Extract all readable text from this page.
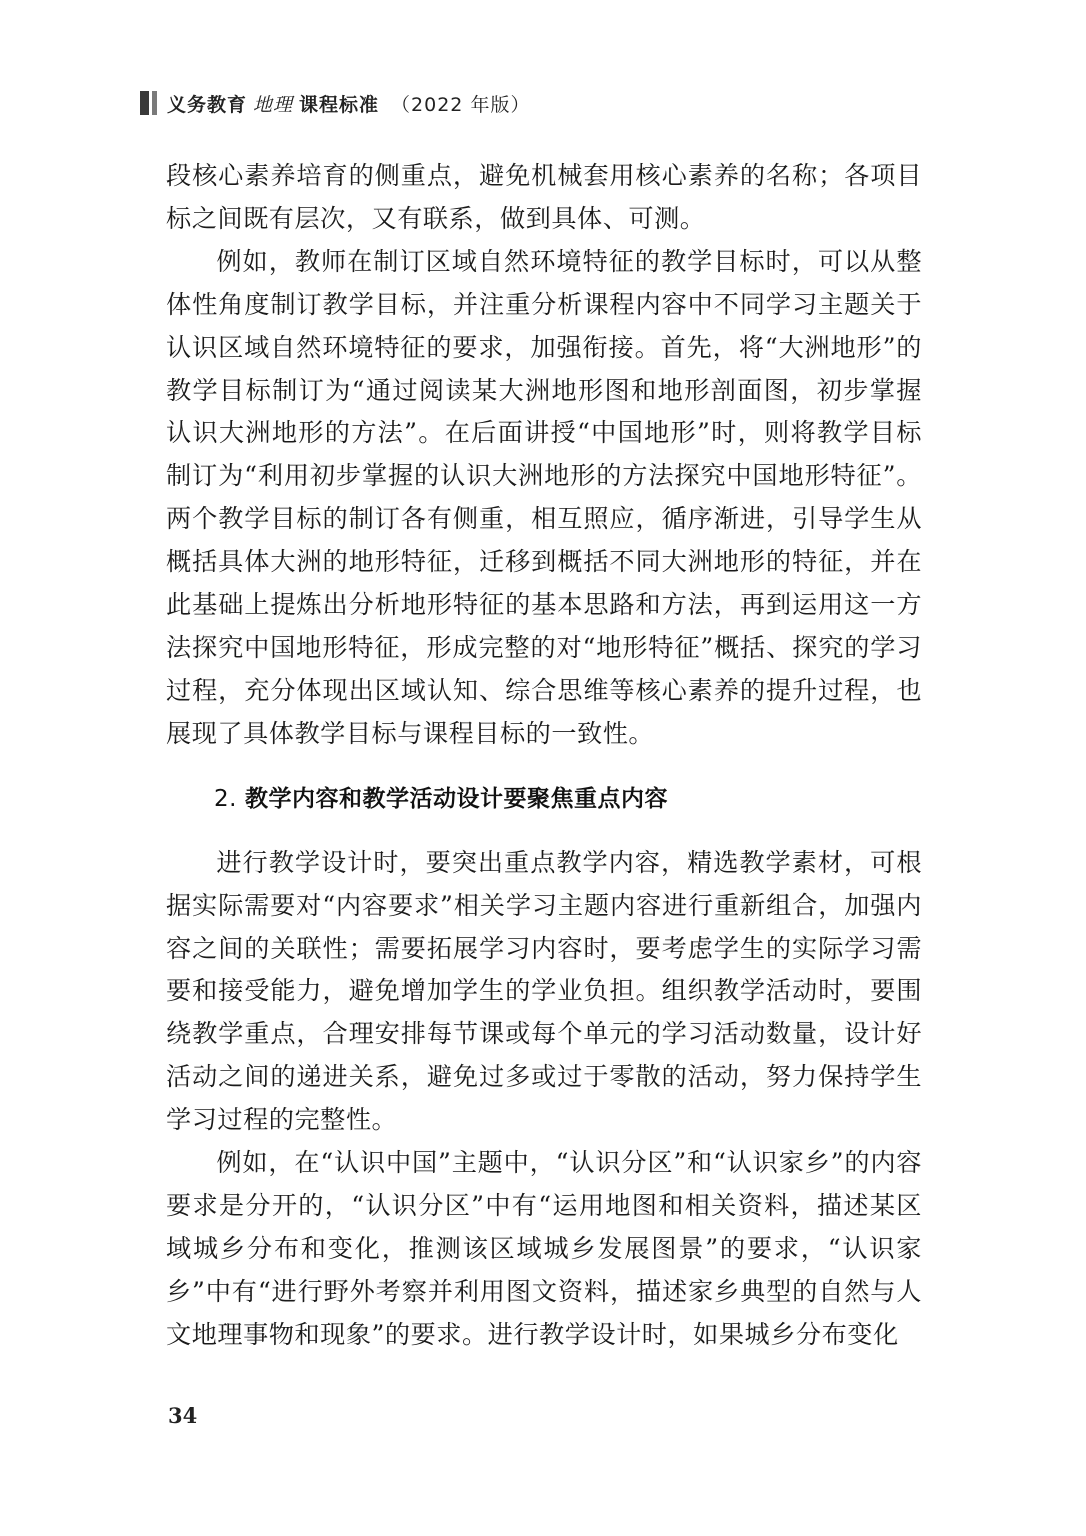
义务教育 地理 课程标准 （2022 年版）

段核心素养培育的侧重点，避免机械套用核心素养的名称；各项目标之间既有层次，又有联系，做到具体、可测。

例如，教师在制订区域自然环境特征的教学目标时，可以从整体性角度制订教学目标，并注重分析课程内容中不同学习主题关于认识区域自然环境特征的要求，加强衔接。首先，将“大洲地形”的教学目标制订为“通过阅读某大洲地形图和地形剖面图，初步掌握认识大洲地形的方法”。在后面讲授“中国地形”时，则将教学目标制订为“利用初步掌握的认识大洲地形的方法探究中国地形特征”。两个教学目标的制订各有侧重，相互照应，循序渐进，引导学生从概括具体大洲的地形特征，迁移到概括不同大洲地形的特征，并在此基础上提炼出分析地形特征的基本思路和方法，再到运用这一方法探究中国地形特征，形成完整的对“地形特征”概括、探究的学习过程，充分体现出区域认知、综合思维等核心素养的提升过程，也展现了具体教学目标与课程目标的一致性。

2. 教学内容和教学活动设计要聚焦重点内容

进行教学设计时，要突出重点教学内容，精选教学素材，可根据实际需要对“内容要求”相关学习主题内容进行重新组合，加强内容之间的关联性；需要拓展学习内容时，要考虑学生的实际学习需要和接受能力，避免增加学生的学业负担。组织教学活动时，要围绕教学重点，合理安排每节课或每个单元的学习活动数量，设计好活动之间的递进关系，避免过多或过于零散的活动，努力保持学生学习过程的完整性。

例如，在“认识中国”主题中，“认识分区”和“认识家乡”的内容要求是分开的，“认识分区”中有“运用地图和相关资料，描述某区域城乡分布和变化，推测该区域城乡发展图景”的要求，“认识家乡”中有“进行野外考察并利用图文资料，描述家乡典型的自然与人文地理事物和现象”的要求。进行教学设计时，如果城乡分布变化

34
